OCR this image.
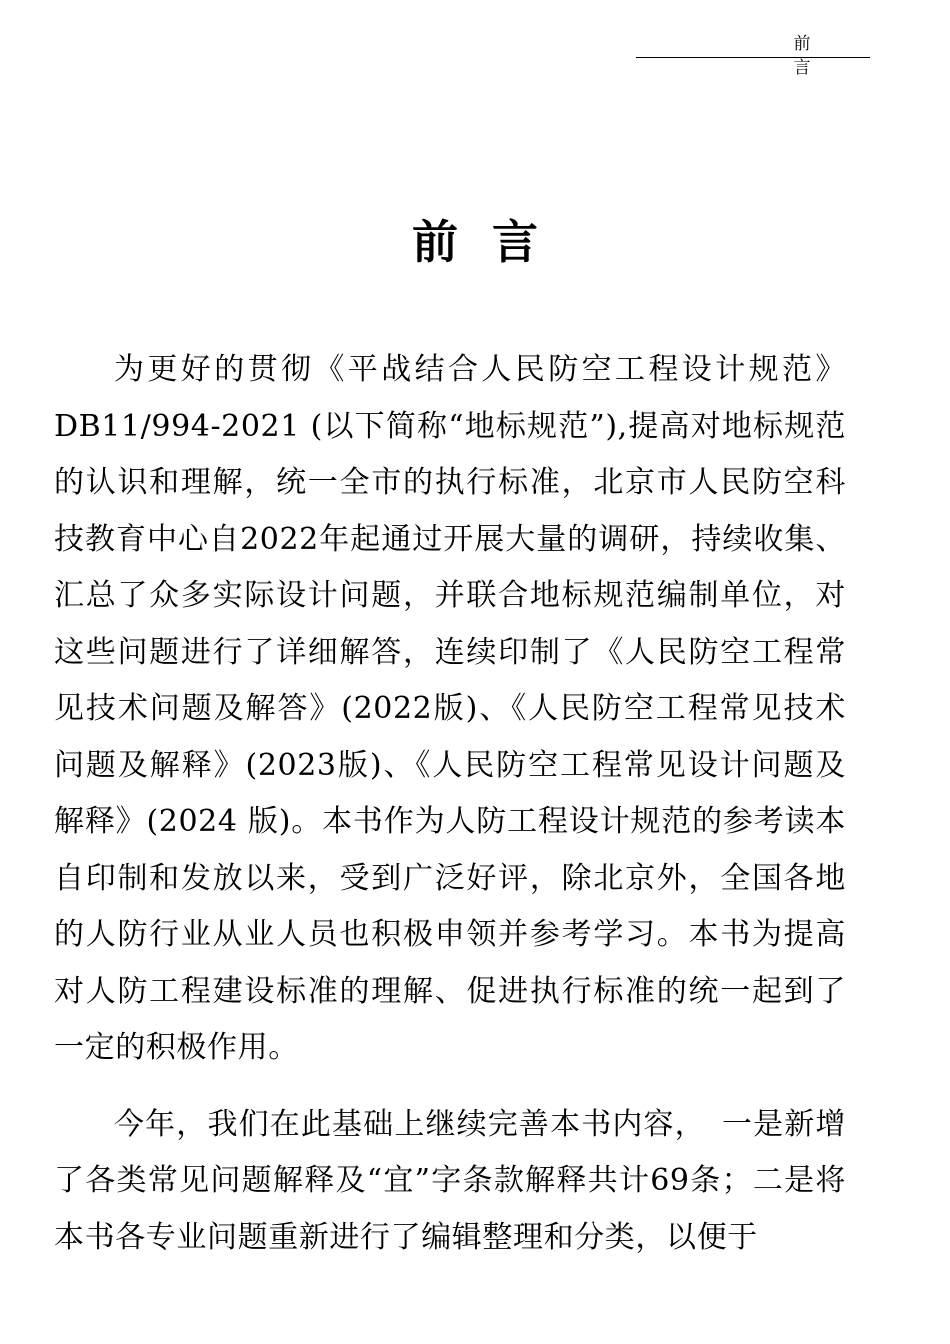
前言
前言

为更好的贯彻《平战结合人民防空工程设计规范》DB11/994-2021 (以下简称“地标规范”),提高对地标规范的认识和理解，统一全市的执行标准，北京市人民防空科技教育中心自2022年起通过开展大量的调研，持续收集、汇总了众多实际设计问题，并联合地标规范编制单位，对这些问题进行了详细解答，连续印制了《人民防空工程常见技术问题及解答》(2022版)、《人民防空工程常见技术问题及解释》(2023版)、《人民防空工程常见设计问题及解释》(2024 版)。本书作为人防工程设计规范的参考读本自印制和发放以来，受到广泛好评，除北京外，全国各地的人防行业从业人员也积极申领并参考学习。本书为提高对人防工程建设标准的理解、促进执行标准的统一起到了一定的积极作用。

今年，我们在此基础上继续完善本书内容，　一是新增了各类常见问题解释及“宜”字条款解释共计69条；二是将本书各专业问题重新进行了编辑整理和分类，以便于
